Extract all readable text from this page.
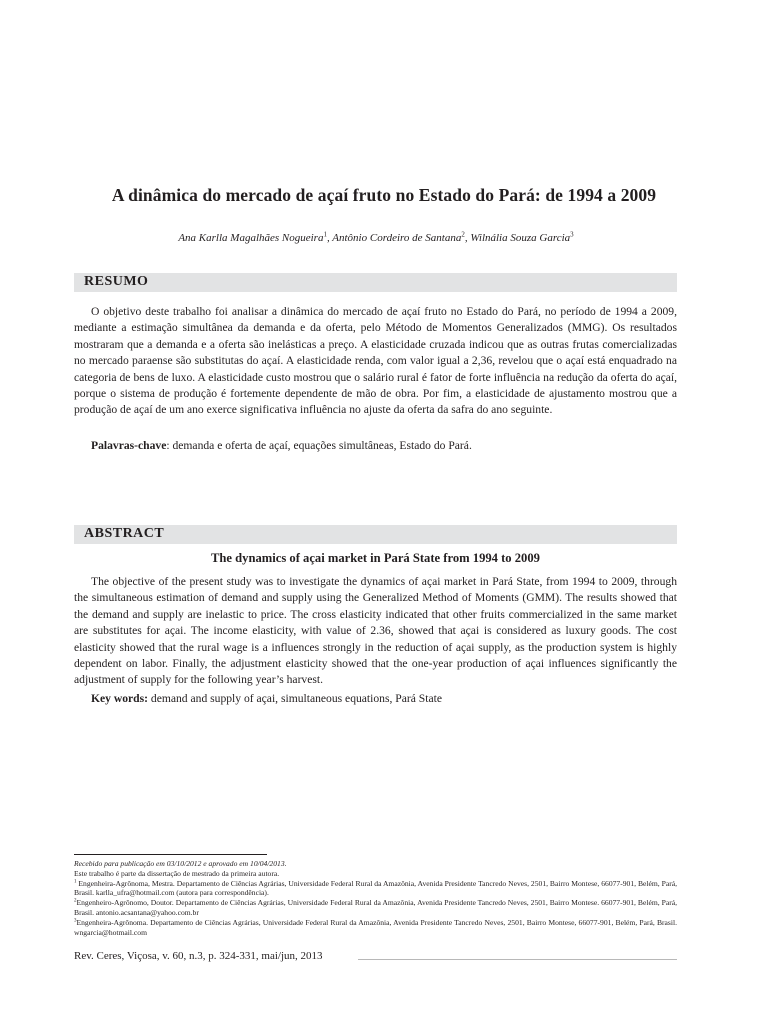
A dinâmica do mercado de açaí fruto no Estado do Pará: de 1994 a 2009
Ana Karlla Magalhães Nogueira$^1$, Antônio Cordeiro de Santana$^2$, Wilnália Souza Garcia$^3$
RESUMO

O objetivo deste trabalho foi analisar a dinâmica do mercado de açaí fruto no Estado do Pará, no período de 1994 a 2009, mediante a estimação simultânea da demanda e da oferta, pelo Método de Momentos Generalizados (MMG). Os resultados mostraram que a demanda e a oferta são inelásticas a preço. A elasticidade cruzada indicou que as outras frutas comercializadas no mercado paraense são substitutas do açaí. A elasticidade renda, com valor igual a 2,36, revelou que o açaí está enquadrado na categoria de bens de luxo. A elasticidade custo mostrou que o salário rural é fator de forte influência na redução da oferta do açaí, porque o sistema de produção é fortemente dependente de mão de obra. Por fim, a elasticidade de ajustamento mostrou que a produção de açaí de um ano exerce significativa influência no ajuste da oferta da safra do ano seguinte.

Palavras-chave: demanda e oferta de açaí, equações simultâneas, Estado do Pará.
ABSTRACT
The dynamics of açai market in Pará State from 1994 to 2009

The objective of the present study was to investigate the dynamics of açai market in Pará State, from 1994 to 2009, through the simultaneous estimation of demand and supply using the Generalized Method of Moments (GMM). The results showed that the demand and supply are inelastic to price. The cross elasticity indicated that other fruits commercialized in the same market are substitutes for açai. The income elasticity, with value of 2.36, showed that açai is considered as luxury goods. The cost elasticity showed that the rural wage is a influences strongly in the reduction of açai supply, as the production system is highly dependent on labor. Finally, the adjustment elasticity showed that the one-year production of açai influences significantly the adjustment of supply for the following year’s harvest.

Key words: demand and supply of açai, simultaneous equations, Pará State

Recebido para publicação em 03/10/2012 e aprovado em 10/04/2013.

Este trabalho é parte da dissertação de mestrado da primeira autora.

$^1$ Engenheira-Agrônoma, Mestra. Departamento de Ciências Agrárias, Universidade Federal Rural da Amazônia, Avenida Presidente Tancredo Neves, 2501, Bairro Montese, 66077-901, Belém, Pará, Brasil. karlla_ufra@hotmail.com (autora para correspondência).

$^2$Engenheiro-Agrônomo, Doutor. Departamento de Ciências Agrárias, Universidade Federal Rural da Amazônia, Avenida Presidente Tancredo Neves, 2501, Bairro Montese. 66077-901, Belém, Pará, Brasil. antonio.acsantana@yahoo.com.br

$^3$Engenheira-Agrônoma. Departamento de Ciências Agrárias, Universidade Federal Rural da Amazônia, Avenida Presidente Tancredo Neves, 2501, Bairro Montese, 66077-901, Belém, Pará, Brasil. wngarcia@hotmail.com

Rev. Ceres, Viçosa, v. 60, n.3, p. 324-331, mai/jun, 2013
